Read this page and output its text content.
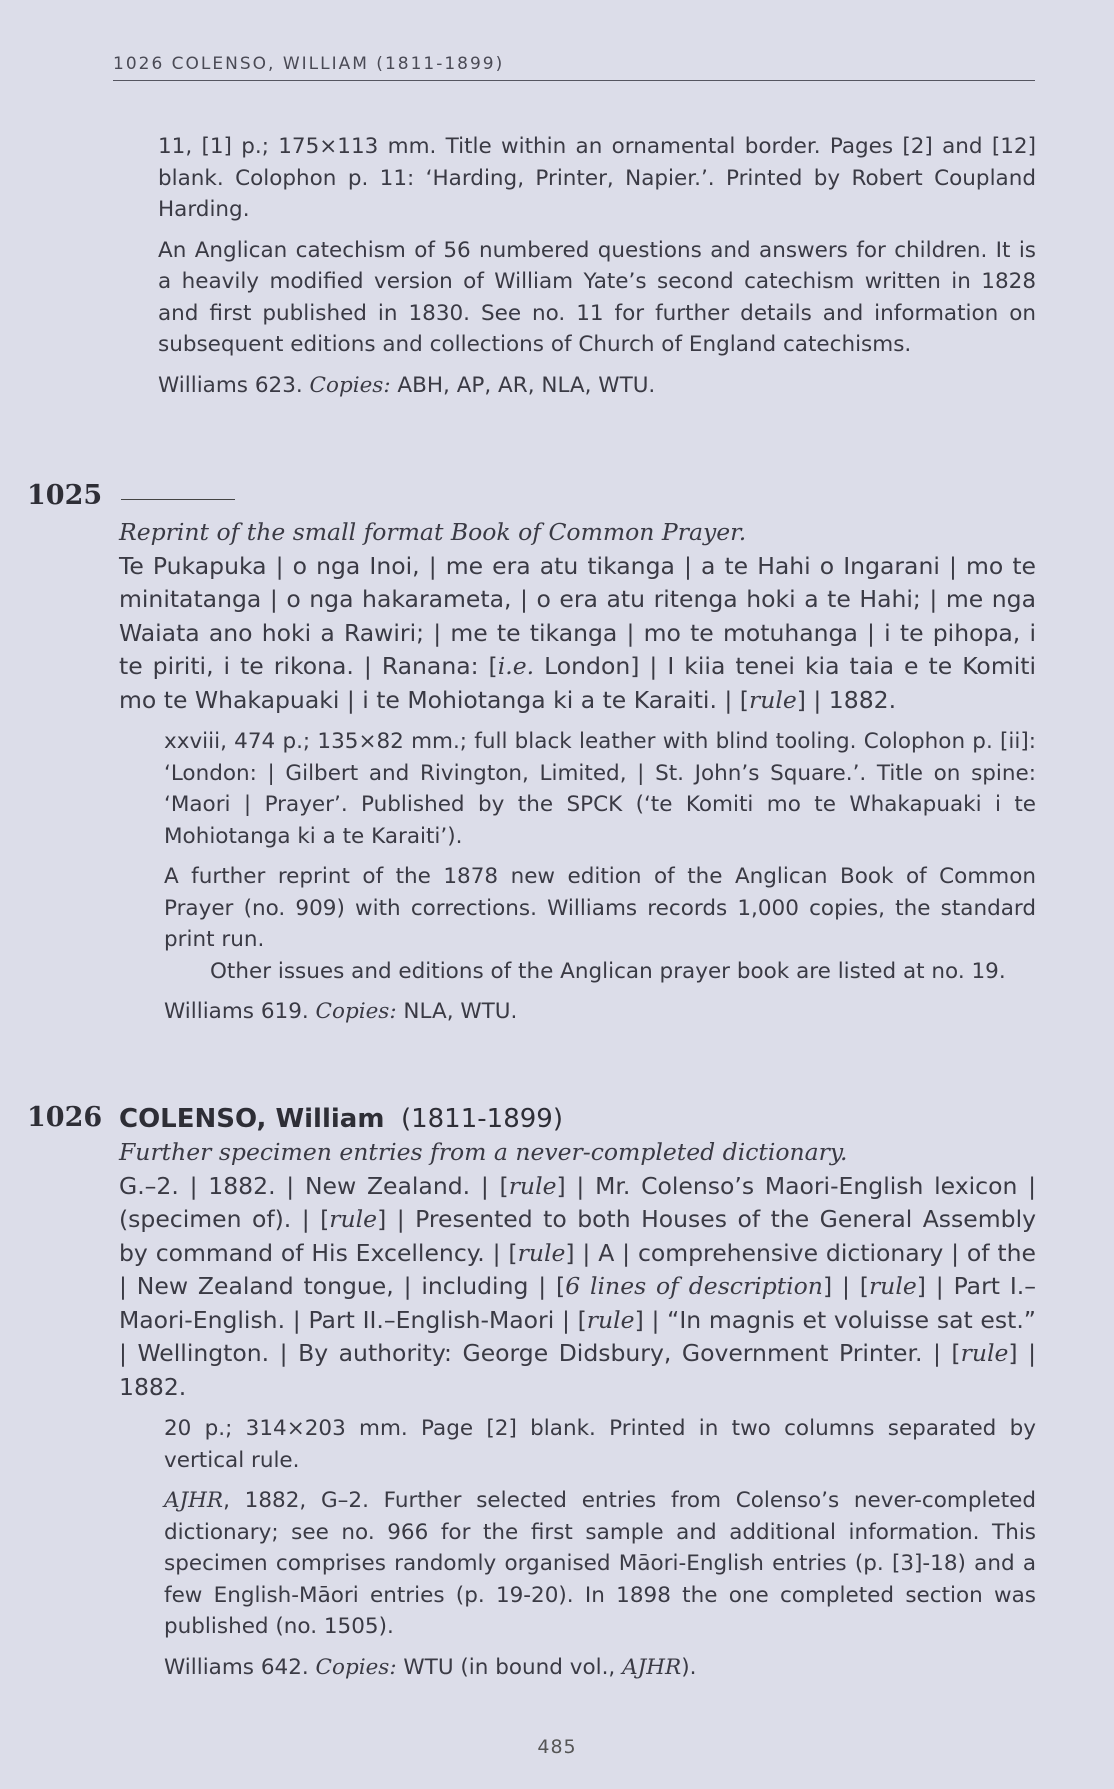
1026 COLENSO, WILLIAM (1811-1899)

11, [1] p.; 175×113 mm. Title within an ornamental border. Pages [2] and [12] blank. Colophon p. 11: ‘Harding, Printer, Napier.’. Printed by Robert Coupland Harding.

An Anglican catechism of 56 numbered questions and answers for children. It is a heavily modified version of William Yate’s second catechism written in 1828 and first published in 1830. See no. 11 for further details and information on subsequent editions and collections of Church of England catechisms.

Williams 623. Copies: ABH, AP, AR, NLA, WTU.

1025

Reprint of the small format Book of Common Prayer.

Te Pukapuka | o nga Inoi, | me era atu tikanga | a te Hahi o Ingarani | mo te minitatanga | o nga hakarameta, | o era atu ritenga hoki a te Hahi; | me nga Waiata ano hoki a Rawiri; | me te tikanga | mo te motuhanga | i te pihopa, i te piriti, i te rikona. | Ranana: [i.e. London] | I kiia tenei kia taia e te Komiti mo te Whakapuaki | i te Mohiotanga ki a te Karaiti. | [rule] | 1882.

xxviii, 474 p.; 135×82 mm.; full black leather with blind tooling. Colophon p. [ii]: ‘London: | Gilbert and Rivington, Limited, | St. John’s Square.’. Title on spine: ‘Maori | Prayer’. Published by the SPCK (‘te Komiti mo te Whakapuaki i te Mohiotanga ki a te Karaiti’).

A further reprint of the 1878 new edition of the Anglican Book of Common Prayer (no. 909) with corrections. Williams records 1,000 copies, the standard print run.

Other issues and editions of the Anglican prayer book are listed at no. 19.

Williams 619. Copies: NLA, WTU.

1026 COLENSO, William (1811-1899)

Further specimen entries from a never-completed dictionary.

G.–2. | 1882. | New Zealand. | [rule] | Mr. Colenso’s Maori-English lexicon | (specimen of). | [rule] | Presented to both Houses of the General Assembly by command of His Excellency. | [rule] | A | comprehensive dictionary | of the | New Zealand tongue, | including | [6 lines of description] | [rule] | Part I.–Maori-English. | Part II.–English-Maori | [rule] | “In magnis et voluisse sat est.” | Wellington. | By authority: George Didsbury, Government Printer. | [rule] | 1882.

20 p.; 314×203 mm. Page [2] blank. Printed in two columns separated by vertical rule.

AJHR, 1882, G–2. Further selected entries from Colenso’s never-completed dictionary; see no. 966 for the first sample and additional information. This specimen comprises randomly organised Māori-English entries (p. [3]-18) and a few English-Māori entries (p. 19-20). In 1898 the one completed section was published (no. 1505).

Williams 642. Copies: WTU (in bound vol., AJHR).

485
